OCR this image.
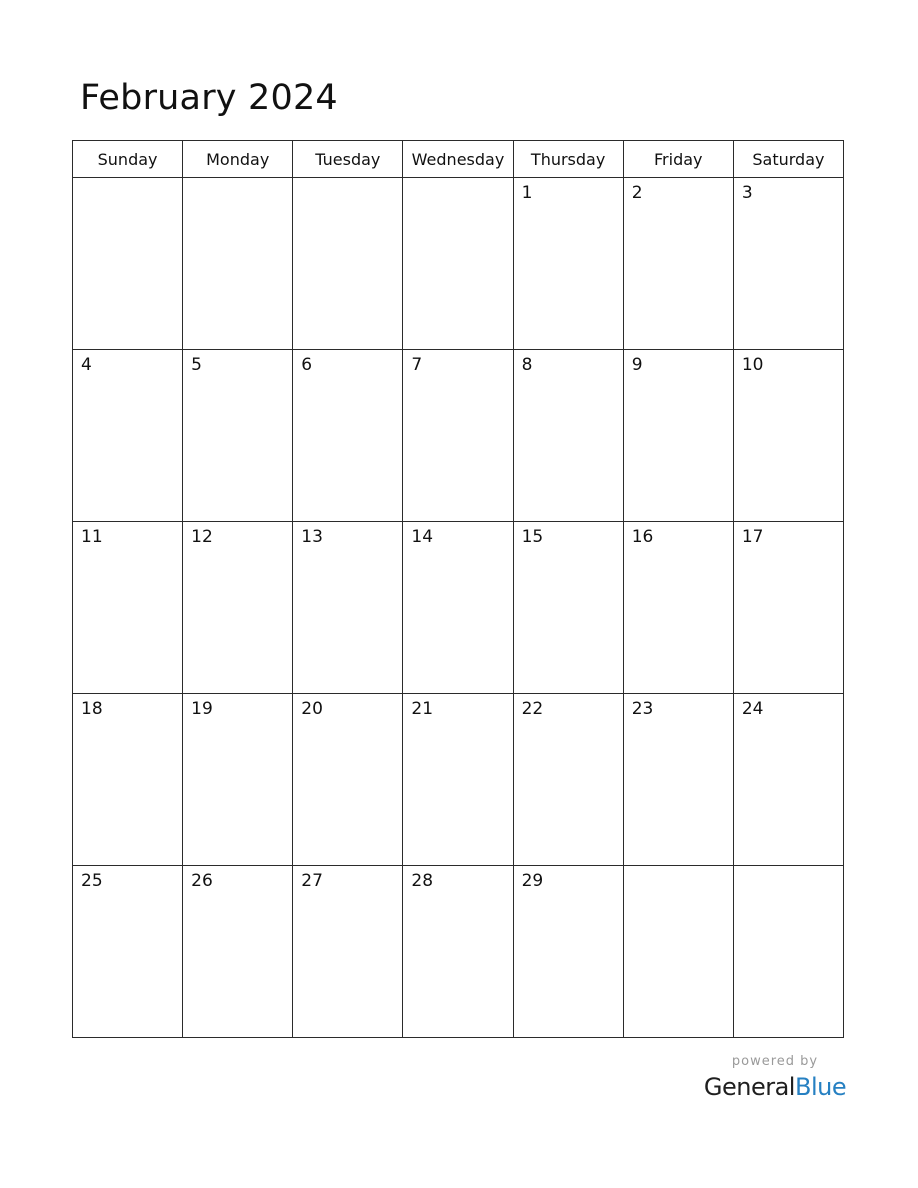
February 2024
Sunday	Monday	Tuesday	Wednesday	Thursday	Friday	Saturday

				1	2	3

4	5	6	7	8	9	10

11	12	13	14	15	16	17

18	19	20	21	22	23	24

25	26	27	28	29		

powered by
GeneralBlue
